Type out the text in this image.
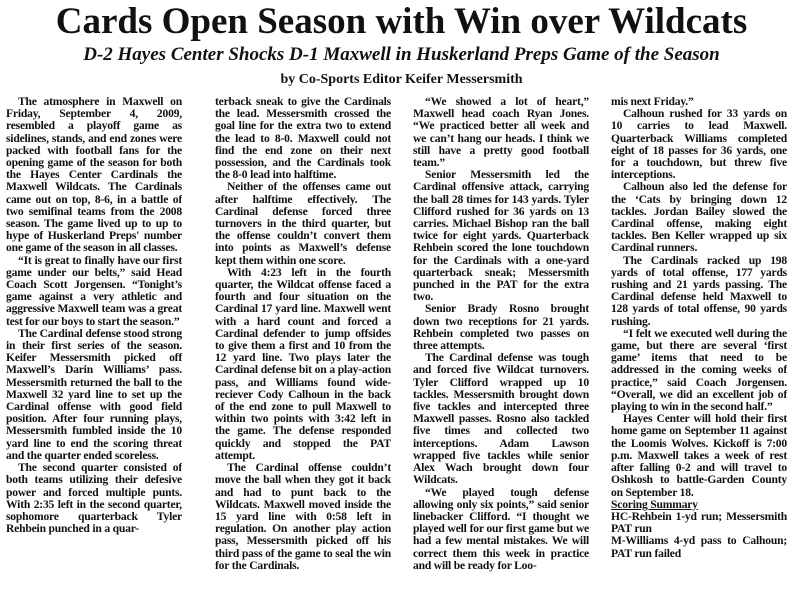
Cards Open Season with Win over Wildcats
D-2 Hayes Center Shocks D-1 Maxwell in Huskerland Preps Game of the Season
by Co-Sports Editor Keifer Messersmith

The atmosphere in Maxwell on Friday, September 4, 2009, resembled a playoff game as sidelines, stands, and end zones were packed with football fans for the opening game of the season for both the Hayes Center Cardinals the Maxwell Wildcats. The Cardinals came out on top, 8-6, in a battle of two semifinal teams from the 2008 season. The game lived up to up to hype of Huskerland Preps' number one game of the season in all classes.

“It is great to finally have our first game under our belts,” said Head Coach Scott Jorgensen. “Tonight’s game against a very athletic and aggressive Maxwell team was a great test for our boys to start the season.”

The Cardinal defense stood strong in their first series of the season. Keifer Messersmith picked off Maxwell’s Darin Williams’ pass. Messersmith returned the ball to the Maxwell 32 yard line to set up the Cardinal offense with good field position. After four running plays, Messersmith fumbled inside the 10 yard line to end the scoring threat and the quarter ended scoreless.

The second quarter consisted of both teams utilizing their defesive power and forced multiple punts. With 2:35 left in the second quarter, sophomore quarterback Tyler Rehbein punched in a quar-

terback sneak to give the Cardinals the lead. Messersmith crossed the goal line for the extra two to extend the lead to 8-0. Maxwell could not find the end zone on their next possession, and the Cardinals took the 8-0 lead into halftime.

Neither of the offenses came out after halftime effectively. The Cardinal defense forced three turnovers in the third quarter, but the offense couldn’t convert them into points as Maxwell’s defense kept them within one score.

With 4:23 left in the fourth quarter, the Wildcat offense faced a fourth and four situation on the Cardinal 17 yard line. Maxwell went with a hard count and forced a Cardinal defender to jump offsides to give them a first and 10 from the 12 yard line. Two plays later the Cardinal defense bit on a play-action pass, and Williams found wide-reciever Cody Calhoun in the back of the end zone to pull Maxwell to within two points with 3:42 left in the game. The defense responded quickly and stopped the PAT attempt.

The Cardinal offense couldn’t move the ball when they got it back and had to punt back to the Wildcats. Maxwell moved inside the 15 yard line with 0:58 left in regulation. On another play action pass, Messersmith picked off his third pass of the game to seal the win for the Cardinals.

“We showed a lot of heart,” Maxwell head coach Ryan Jones. “We practiced better all week and we can’t hang our heads. I think we still have a pretty good football team.”

Senior Messersmith led the Cardinal offensive attack, carrying the ball 28 times for 143 yards. Tyler Clifford rushed for 36 yards on 13 carries. Michael Bishop ran the ball twice for eight yards. Quarterback Rehbein scored the lone touchdown for the Cardinals with a one-yard quarterback sneak; Messersmith punched in the PAT for the extra two.

Senior Brady Rosno brought down two receptions for 21 yards. Rehbein completed two passes on three attempts.

The Cardinal defense was tough and forced five Wildcat turnovers. Tyler Clifford wrapped up 10 tackles. Messersmith brought down five tackles and intercepted three Maxwell passes. Rosno also tackled five times and collected two interceptions. Adam Lawson wrapped five tackles while senior Alex Wach brought down four Wildcats.

“We played tough defense allowing only six points,” said senior linebacker Clifford. “I thought we played well for our first game but we had a few mental mistakes. We will correct them this week in practice and will be ready for Loo-

mis next Friday.”

Calhoun rushed for 33 yards on 10 carries to lead Maxwell. Quarterback Williams completed eight of 18 passes for 36 yards, one for a touchdown, but threw five interceptions.

Calhoun also led the defense for the ‘Cats by bringing down 12 tackles. Jordan Bailey slowed the Cardinal offense, making eight tackles. Ben Keller wrapped up six Cardinal runners.

The Cardinals racked up 198 yards of total offense, 177 yards rushing and 21 yards passing. The Cardinal defense held Maxwell to 128 yards of total offense, 90 yards rushing.

“I felt we executed well during the game, but there are several ‘first game’ items that need to be addressed in the coming weeks of practice,” said Coach Jorgensen. “Overall, we did an excellent job of playing to win in the second half.”

Hayes Center will hold their first home game on September 11 against the Loomis Wolves. Kickoff is 7:00 p.m. Maxwell takes a week of rest after falling 0-2 and will travel to Oshkosh to battle-Garden County on September 18.

Scoring Summary

HC-Rehbein 1-yd run; Messersmith PAT run

M-Williams 4-yd pass to Calhoun; PAT run failed
